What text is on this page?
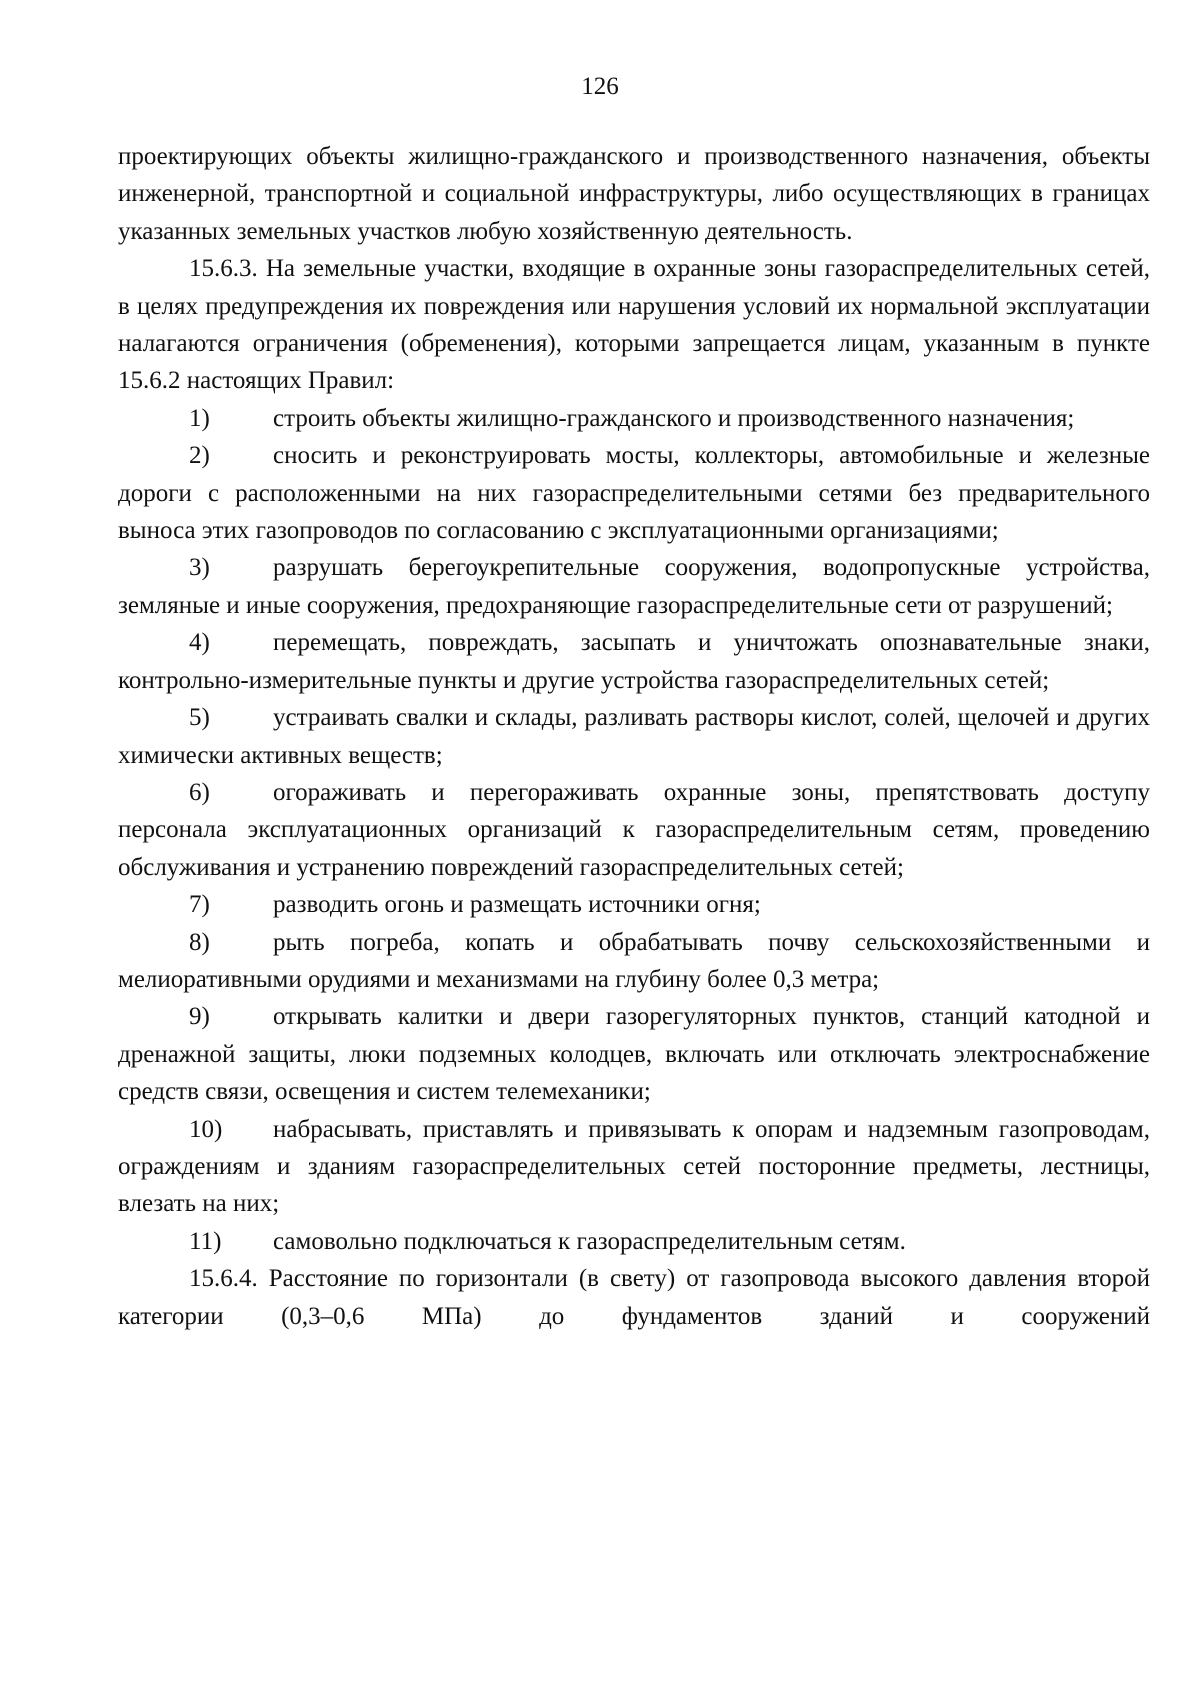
126

проектирующих объекты жилищно-гражданского и производственного назначения, объекты инженерной, транспортной и социальной инфраструктуры, либо осуществляющих в границах указанных земельных участков любую хозяйственную деятельность.

15.6.3. На земельные участки, входящие в охранные зоны газораспределительных сетей, в целях предупреждения их повреждения или нарушения условий их нормальной эксплуатации налагаются ограничения (обременения), которыми запрещается лицам, указанным в пункте 15.6.2 настоящих Правил:

1)	строить объекты жилищно-гражданского и производственного назначения;

2)	сносить и реконструировать мосты, коллекторы, автомобильные и железные дороги с расположенными на них газораспределительными сетями без предварительного выноса этих газопроводов по согласованию с эксплуатационными организациями;

3)	разрушать берегоукрепительные сооружения, водопропускные устройства, земляные и иные сооружения, предохраняющие газораспределительные сети от разрушений;

4)	перемещать, повреждать, засыпать и уничтожать опознавательные знаки, контрольно-измерительные пункты и другие устройства газораспределительных сетей;

5)	устраивать свалки и склады, разливать растворы кислот, солей, щелочей и других химически активных веществ;

6)	огораживать и перегораживать охранные зоны, препятствовать доступу персонала эксплуатационных организаций к газораспределительным сетям, проведению обслуживания и устранению повреждений газораспределительных сетей;

7)	разводить огонь и размещать источники огня;

8)	рыть погреба, копать и обрабатывать почву сельскохозяйственными и мелиоративными орудиями и механизмами на глубину более 0,3 метра;

9)	открывать калитки и двери газорегуляторных пунктов, станций катодной и дренажной защиты, люки подземных колодцев, включать или отключать электроснабжение средств связи, освещения и систем телемеханики;

10) набрасывать, приставлять и привязывать к опорам и надземным газопроводам, ограждениям и зданиям газораспределительных сетей посторонние предметы, лестницы, влезать на них;

11) самовольно подключаться к газораспределительным сетям.

15.6.4. Расстояние по горизонтали (в свету) от газопровода высокого давления второй категории (0,3–0,6 МПа) до фундаментов зданий и сооружений
